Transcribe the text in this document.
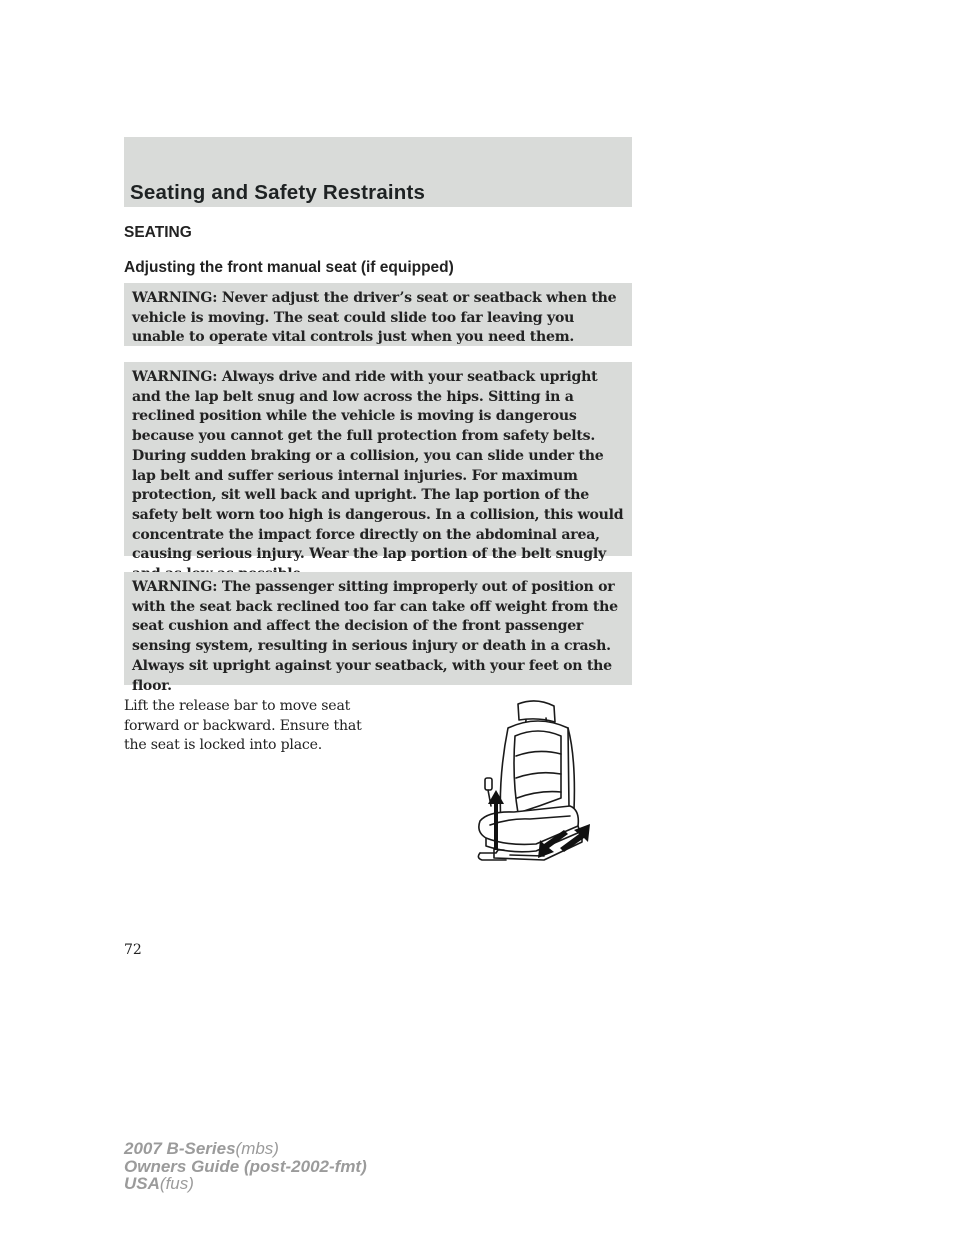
Seating and Safety Restraints
SEATING
Adjusting the front manual seat (if equipped)
WARNING: Never adjust the driver’s seat or seatback when the
vehicle is moving. The seat could slide too far leaving you
unable to operate vital controls just when you need them.
WARNING: Always drive and ride with your seatback upright
and the lap belt snug and low across the hips. Sitting in a
reclined position while the vehicle is moving is dangerous
because you cannot get the full protection from safety belts.
During sudden braking or a collision, you can slide under the
lap belt and suffer serious internal injuries. For maximum
protection, sit well back and upright. The lap portion of the
safety belt worn too high is dangerous. In a collision, this would
concentrate the impact force directly on the abdominal area,
causing serious injury. Wear the lap portion of the belt snugly

WARNING: The passenger sitting improperly out of position or
with the seat back reclined too far can take off weight from the
seat cushion and affect the decision of the front passenger
sensing system, resulting in serious injury or death in a crash.
Always sit upright against your seatback, with your feet on the
floor.
Lift the release bar to move seat
forward or backward. Ensure that
the seat is locked into place.
72
2007 B-Series(mbs)
Owners Guide (post-2002-fmt)
USA(fus)
